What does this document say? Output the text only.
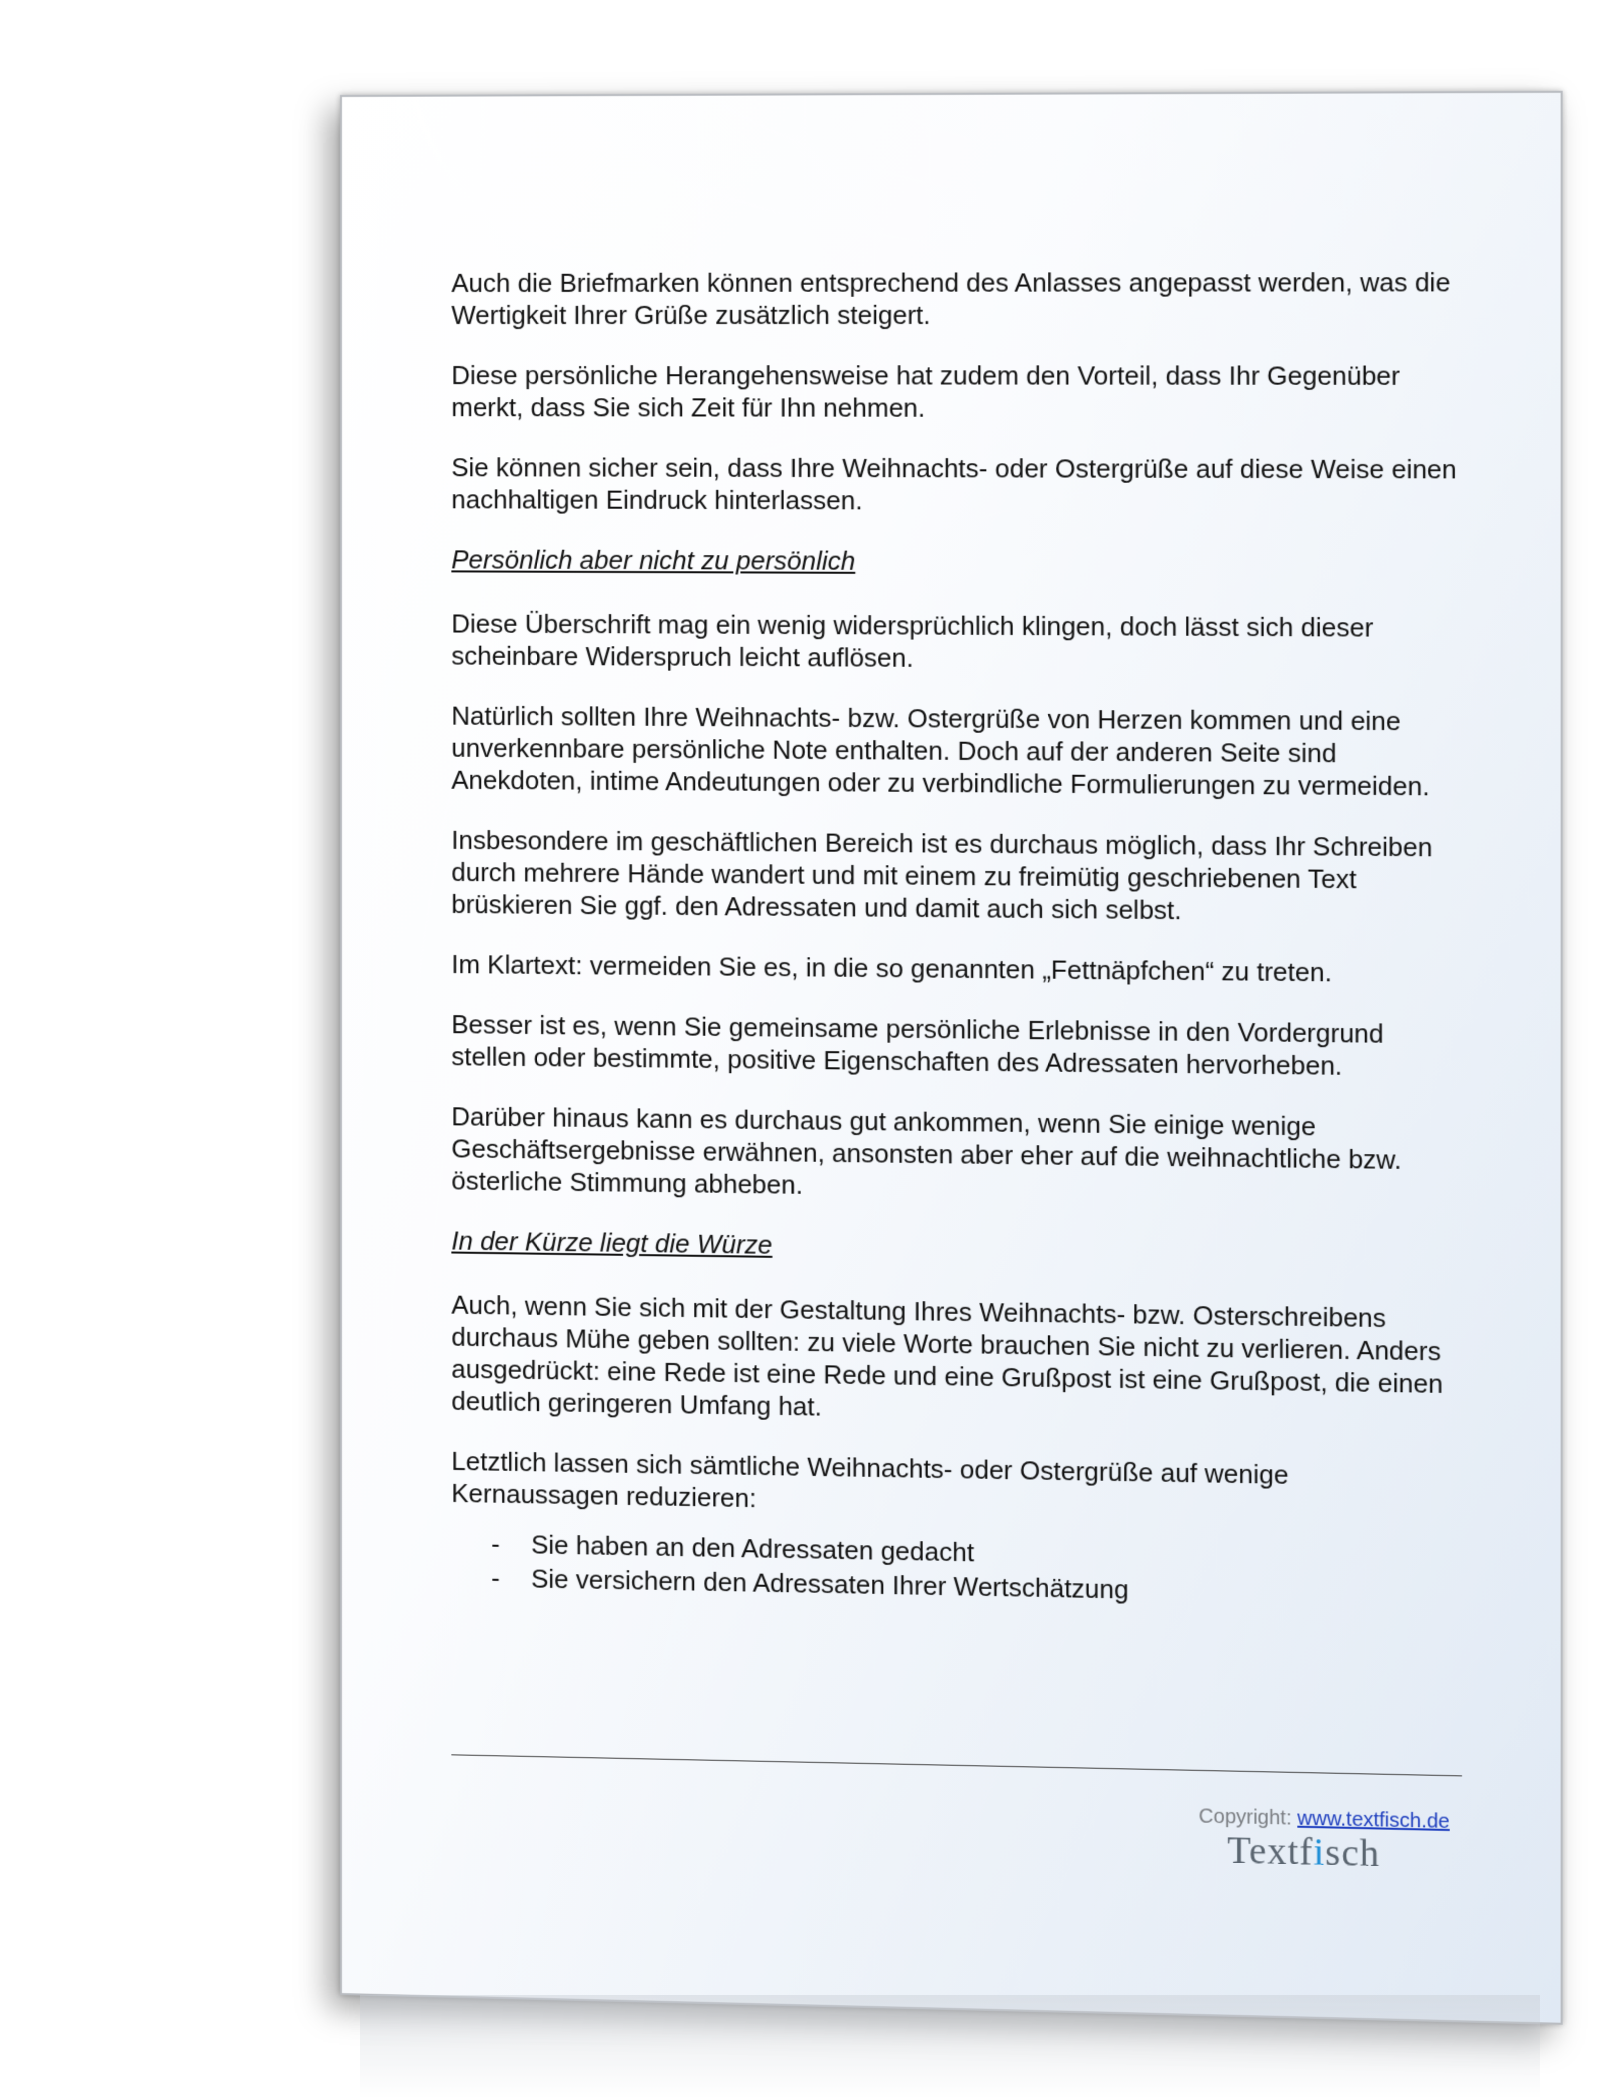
Auch die Briefmarken können entsprechend des Anlasses angepasst werden, was die Wertigkeit Ihrer Grüße zusätzlich steigert.

Diese persönliche Herangehensweise hat zudem den Vorteil, dass Ihr Gegenüber merkt, dass Sie sich Zeit für Ihn nehmen.

Sie können sicher sein, dass Ihre Weihnachts- oder Ostergrüße auf diese Weise einen nachhaltigen Eindruck hinterlassen.

Persönlich aber nicht zu persönlich

Diese Überschrift mag ein wenig widersprüchlich klingen, doch lässt sich dieser scheinbare Widerspruch leicht auflösen.

Natürlich sollten Ihre Weihnachts- bzw. Ostergrüße von Herzen kommen und eine unverkennbare persönliche Note enthalten. Doch auf der anderen Seite sind Anekdoten, intime Andeutungen oder zu verbindliche Formulierungen zu vermeiden.

Insbesondere im geschäftlichen Bereich ist es durchaus möglich, dass Ihr Schreiben durch mehrere Hände wandert und mit einem zu freimütig geschriebenen Text brüskieren Sie ggf. den Adressaten und damit auch sich selbst.

Im Klartext: vermeiden Sie es, in die so genannten „Fettnäpfchen“ zu treten.

Besser ist es, wenn Sie gemeinsame persönliche Erlebnisse in den Vordergrund stellen oder bestimmte, positive Eigenschaften des Adressaten hervorheben.

Darüber hinaus kann es durchaus gut ankommen, wenn Sie einige wenige Geschäftsergebnisse erwähnen, ansonsten aber eher auf die weihnachtliche bzw. österliche Stimmung abheben.

In der Kürze liegt die Würze

Auch, wenn Sie sich mit der Gestaltung Ihres Weihnachts- bzw. Osterschreibens durchaus Mühe geben sollten: zu viele Worte brauchen Sie nicht zu verlieren. Anders ausgedrückt: eine Rede ist eine Rede und eine Grußpost ist eine Grußpost, die einen deutlich geringeren Umfang hat.

Letztlich lassen sich sämtliche Weihnachts- oder Ostergrüße auf wenige Kernaussagen reduzieren:

-	Sie haben an den Adressaten gedacht
-	Sie versichern den Adressaten Ihrer Wertschätzung
Copyright: www.textfisch.de
Textfisch
